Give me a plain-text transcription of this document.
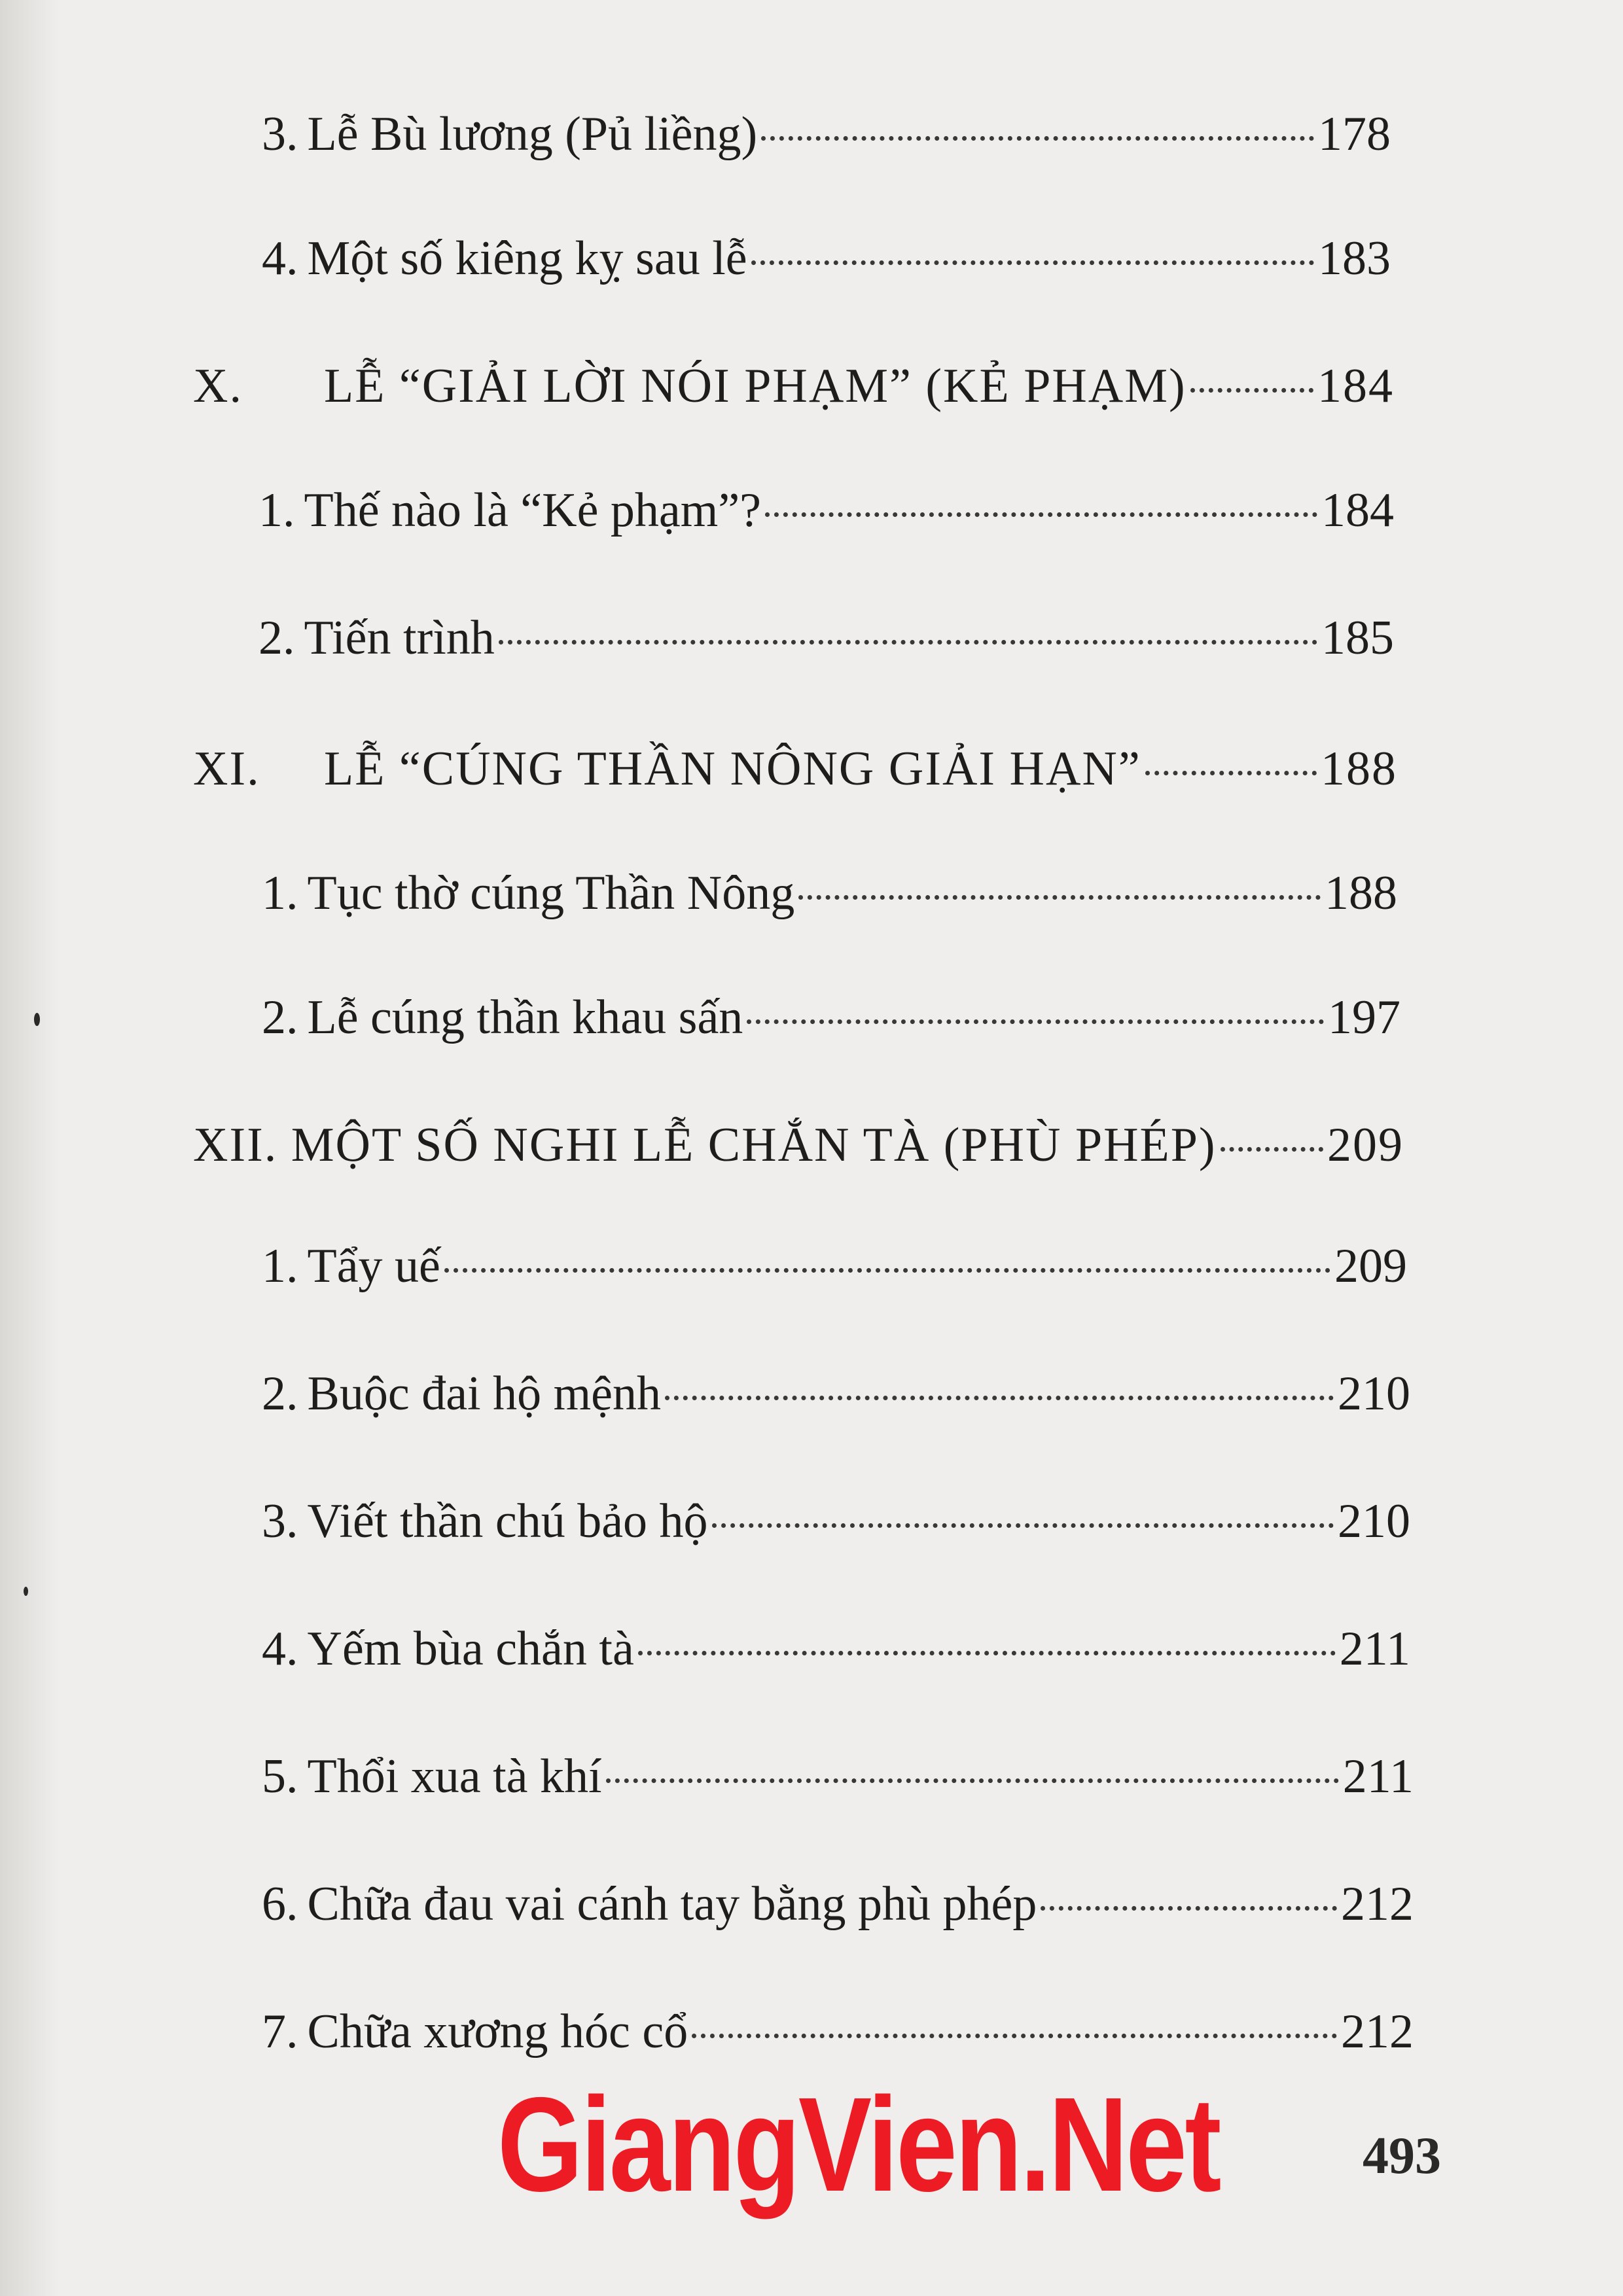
3. Lễ Bù lương (Pủ liềng)	178
4. Một số kiêng kỵ sau lễ	183
X.	LỄ “GIẢI LỜI NÓI PHẠM” (KẺ PHẠM)	184
1. Thế nào là “Kẻ phạm”?	184
2. Tiến trình	185
XI.	LỄ “CÚNG THẦN NÔNG GIẢI HẠN”	188
1. Tục thờ cúng Thần Nông	188
2. Lễ cúng thần khau sấn	197
XII. MỘT SỐ NGHI LỄ CHẮN TÀ (PHÙ PHÉP) 209
1. Tẩy uế	209
2. Buộc đai hộ mệnh	210
3. Viết thần chú bảo hộ	210
4. Yếm bùa chắn tà	211
5. Thổi xua tà khí	211
6. Chữa đau vai cánh tay bằng phù phép	212
7. Chữa xương hóc cổ	212
GiangVien.Net	493
